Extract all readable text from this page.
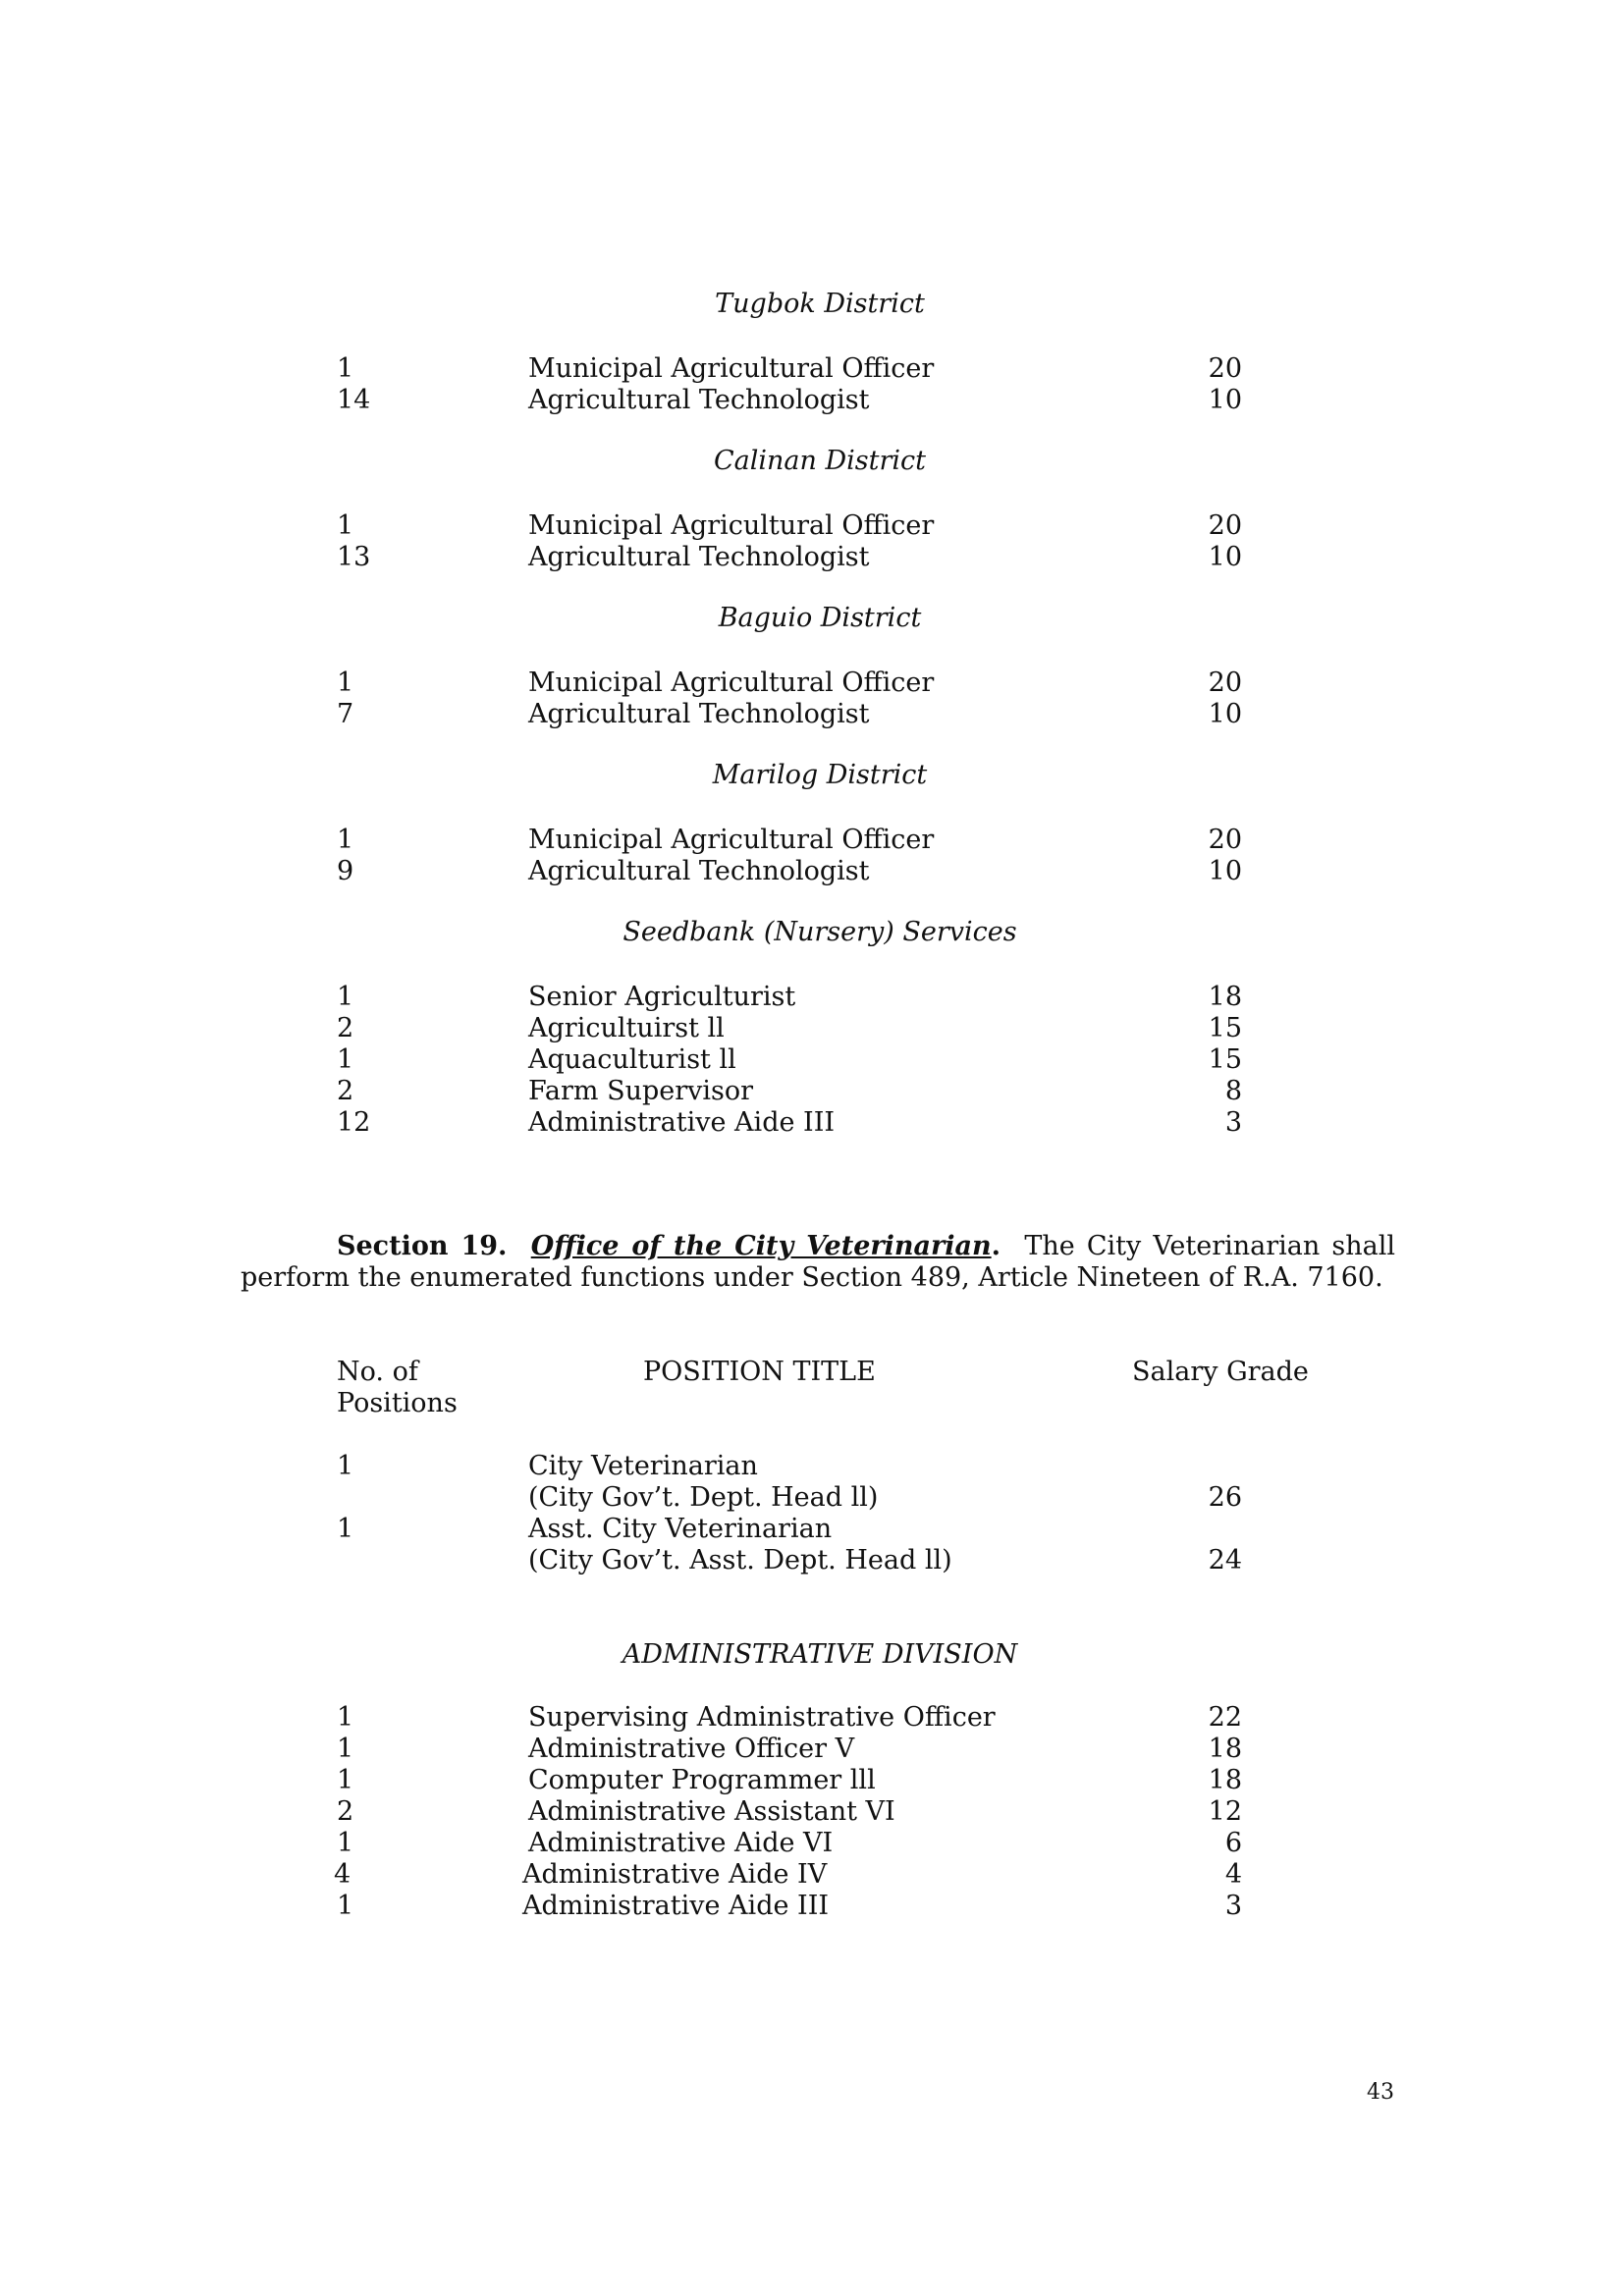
Tugbok District
1	Municipal Agricultural Officer	20
14	Agricultural Technologist	10
Calinan District
1	Municipal Agricultural Officer	20
13	Agricultural Technologist	10
Baguio District
1	Municipal Agricultural Officer	20
7	Agricultural Technologist	10
Marilog District
1	Municipal Agricultural Officer	20
9	Agricultural Technologist	10
Seedbank (Nursery) Services
1	Senior Agriculturist	18
2	Agricultuirst ll	15
1	Aquaculturist ll	15
2	Farm Supervisor	8
12	Administrative Aide III	3
Section 19. Office of the City Veterinarian. The City Veterinarian shall
perform the enumerated functions under Section 489, Article Nineteen of R.A. 7160.
No. of
Positions
POSITION TITLE	Salary Grade
1	City Veterinarian
(City Gov’t. Dept. Head ll)	26
1	Asst. City Veterinarian
(City Gov’t. Asst. Dept. Head ll)	24
ADMINISTRATIVE DIVISION
1	Supervising Administrative Officer	22
1	Administrative Officer V	18
1	Computer Programmer lll	18
2	Administrative Assistant VI	12
1	Administrative Aide VI	6
4	Administrative Aide IV	4
1	Administrative Aide III	3
43
